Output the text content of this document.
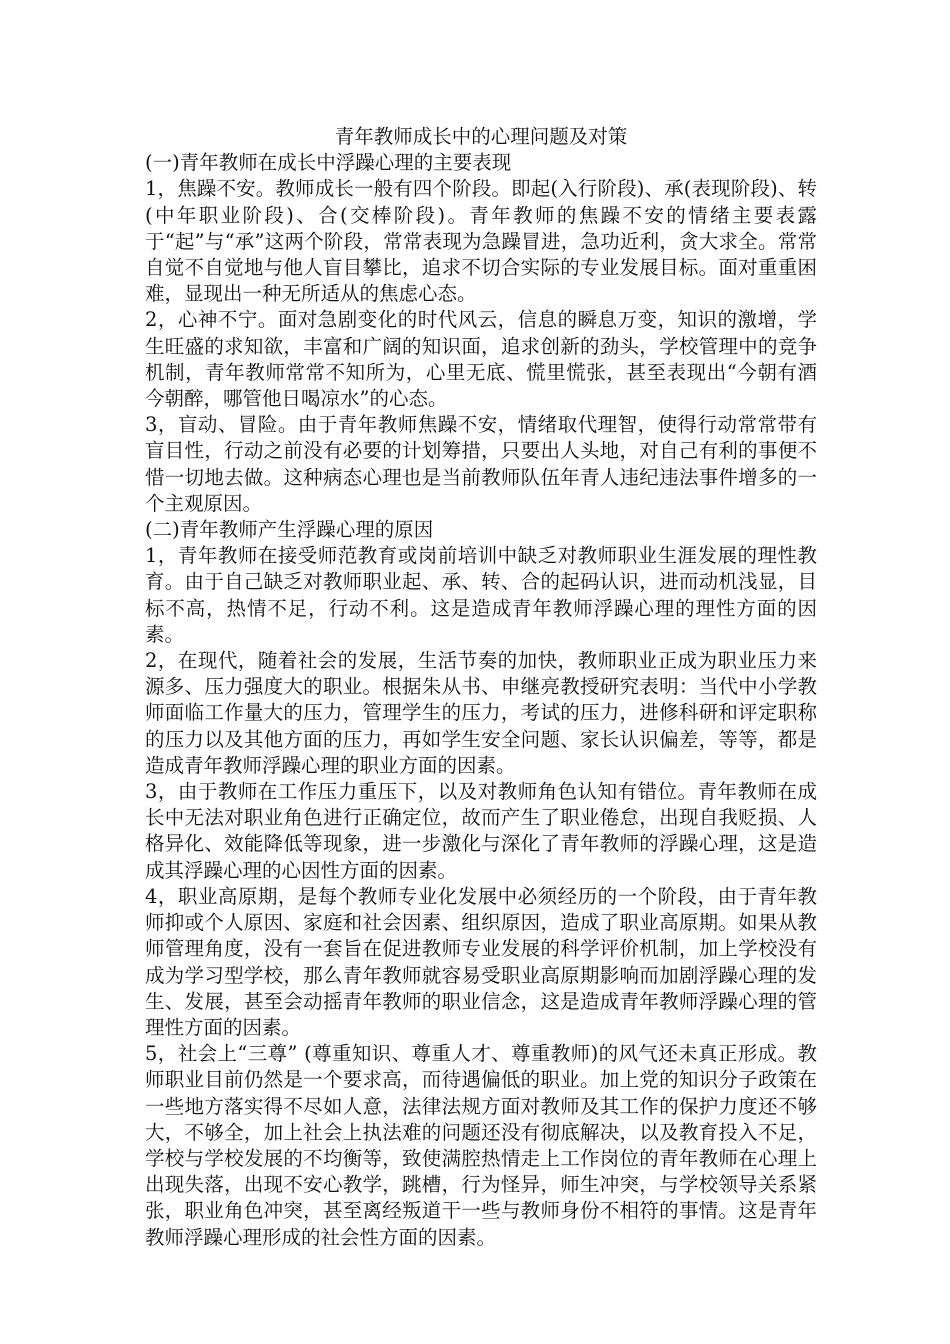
青年教师成长中的心理问题及对策

(一)青年教师在成长中浮躁心理的主要表现

1，焦躁不安。教师成长一般有四个阶段。即起(入行阶段)、承(表现阶段)、转(中年职业阶段)、合(交棒阶段)。青年教师的焦躁不安的情绪主要表露于“起”与“承”这两个阶段，常常表现为急躁冒进，急功近利，贪大求全。常常自觉不自觉地与他人盲目攀比，追求不切合实际的专业发展目标。面对重重困难，显现出一种无所适从的焦虑心态。

2，心神不宁。面对急剧变化的时代风云，信息的瞬息万变，知识的激增，学生旺盛的求知欲，丰富和广阔的知识面，追求创新的劲头，学校管理中的竞争机制，青年教师常常不知所为，心里无底、慌里慌张，甚至表现出“今朝有酒今朝醉，哪管他日喝凉水”的心态。

3，盲动、冒险。由于青年教师焦躁不安，情绪取代理智，使得行动常常带有盲目性，行动之前没有必要的计划筹措，只要出人头地，对自己有利的事便不惜一切地去做。这种病态心理也是当前教师队伍年青人违纪违法事件增多的一个主观原因。

(二)青年教师产生浮躁心理的原因

1，青年教师在接受师范教育或岗前培训中缺乏对教师职业生涯发展的理性教育。由于自己缺乏对教师职业起、承、转、合的起码认识，进而动机浅显，目标不高，热情不足，行动不利。这是造成青年教师浮躁心理的理性方面的因素。

2，在现代，随着社会的发展，生活节奏的加快，教师职业正成为职业压力来源多、压力强度大的职业。根据朱从书、申继亮教授研究表明：当代中小学教师面临工作量大的压力，管理学生的压力，考试的压力，进修科研和评定职称的压力以及其他方面的压力，再如学生安全问题、家长认识偏差，等等，都是造成青年教师浮躁心理的职业方面的因素。

3，由于教师在工作压力重压下，以及对教师角色认知有错位。青年教师在成长中无法对职业角色进行正确定位，故而产生了职业倦怠，出现自我贬损、人格异化、效能降低等现象，进一步激化与深化了青年教师的浮躁心理，这是造成其浮躁心理的心因性方面的因素。

4，职业高原期，是每个教师专业化发展中必须经历的一个阶段，由于青年教师抑或个人原因、家庭和社会因素、组织原因，造成了职业高原期。如果从教师管理角度，没有一套旨在促进教师专业发展的科学评价机制，加上学校没有成为学习型学校，那么青年教师就容易受职业高原期影响而加剧浮躁心理的发生、发展，甚至会动摇青年教师的职业信念，这是造成青年教师浮躁心理的管理性方面的因素。

5，社会上“三尊” (尊重知识、尊重人才、尊重教师)的风气还未真正形成。教师职业目前仍然是一个要求高，而待遇偏低的职业。加上党的知识分子政策在一些地方落实得不尽如人意，法律法规方面对教师及其工作的保护力度还不够大，不够全，加上社会上执法难的问题还没有彻底解决，以及教育投入不足，学校与学校发展的不均衡等，致使满腔热情走上工作岗位的青年教师在心理上出现失落，出现不安心教学，跳槽，行为怪异，师生冲突，与学校领导关系紧张，职业角色冲突，甚至离经叛道干一些与教师身份不相符的事情。这是青年教师浮躁心理形成的社会性方面的因素。
